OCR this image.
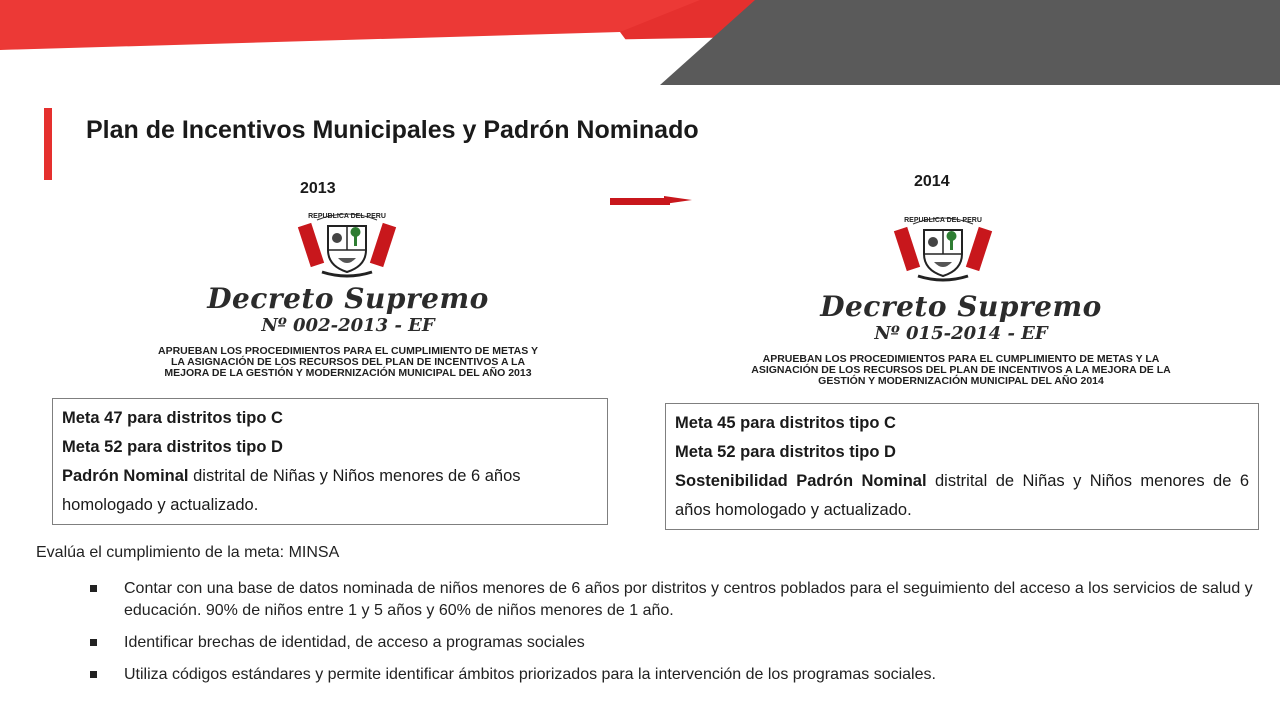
Plan de Incentivos Municipales y Padrón Nominado
2013	2014
REPUBLICA DEL PERU
REPUBLICA DEL PERU
Decreto Supremo
Nº 002-2013 - EF
APRUEBAN LOS PROCEDIMIENTOS PARA EL CUMPLIMIENTO DE METAS Y
LA ASIGNACIÓN DE LOS RECURSOS DEL PLAN DE INCENTIVOS A LA
MEJORA DE LA GESTIÓN Y MODERNIZACIÓN MUNICIPAL DEL AÑO 2013
Decreto Supremo
Nº 015-2014 - EF
APRUEBAN LOS PROCEDIMIENTOS PARA EL CUMPLIMIENTO DE METAS Y LA
ASIGNACIÓN DE LOS RECURSOS DEL PLAN DE INCENTIVOS A LA MEJORA DE LA
GESTIÓN Y MODERNIZACIÓN MUNICIPAL DEL AÑO 2014
Meta 47 para distritos tipo C
Meta 52 para distritos tipo D
Padrón Nominal distrital de Niñas y Niños menores de 6 años homologado y actualizado.
Meta 45 para distritos tipo C
Meta 52 para distritos tipo D
Sostenibilidad Padrón Nominal distrital de Niñas y Niños menores de 6 años homologado y actualizado.
Evalúa el cumplimiento de la meta: MINSA
Contar con una base de datos nominada de niños menores de 6 años por distritos y centros poblados para el seguimiento del acceso a los servicios de salud y educación. 90% de niños entre 1 y 5 años y 60% de niños menores de 1 año.
Identificar brechas de identidad, de acceso a programas sociales
Utiliza códigos estándares y permite identificar ámbitos priorizados para la intervención de los programas sociales.
